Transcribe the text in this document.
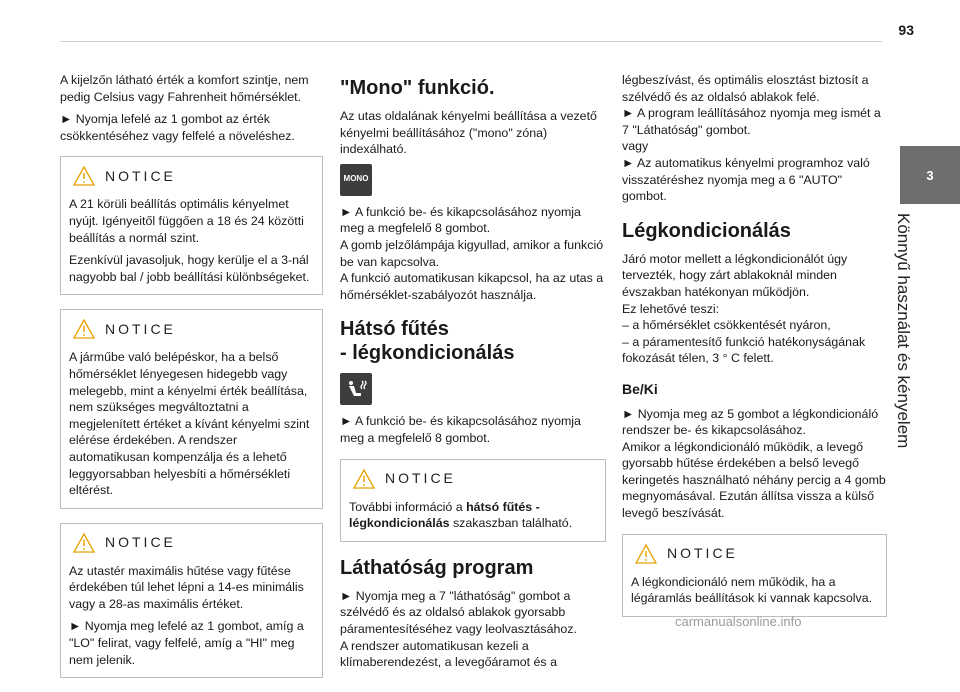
93
3
Könnyű használat és kényelem

A kijelzőn látható érték a komfort szintje, nem pedig Celsius vagy Fahrenheit hőmérséklet.

► Nyomja lefelé az 1 gombot az érték csökkentéséhez vagy felfelé a növeléshez.

NOTICE

A 21 körüli beállítás optimális kényelmet nyújt. Igényeitől függően a 18 és 24 közötti beállítás a normál szint.

Ezenkívül javasoljuk, hogy kerülje el a 3-nál nagyobb bal / jobb beállítási különbségeket.

NOTICE

A járműbe való belépéskor, ha a belső hőmérséklet lényegesen hidegebb vagy melegebb, mint a kényelmi érték beállítása, nem szükséges megváltoztatni a megjelenített értéket a kívánt kényelmi szint elérése érdekében. A rendszer automatikusan kompenzálja és a lehető leggyorsabban helyesbíti a hőmérsékleti eltérést.

NOTICE

Az utastér maximális hűtése vagy fűtése érdekében túl lehet lépni a 14-es minimális vagy a 28-as maximális értéket.

► Nyomja meg lefelé az 1 gombot, amíg a "LO" felirat, vagy felfelé, amíg a "HI" meg nem jelenik.

"Mono" funkció.

Az utas oldalának kényelmi beállítása a vezető kényelmi beállításához ("mono" zóna) indexálható.

MONO

► A funkció be- és kikapcsolásához nyomja meg a megfelelő 8 gombot.

A gomb jelzőlámpája kigyullad, amikor a funkció be van kapcsolva.

A funkció automatikusan kikapcsol, ha az utas a hőmérséklet-szabályozót használja.

Hátsó fűtés
- légkondicionálás

► A funkció be- és kikapcsolásához nyomja meg a megfelelő 8 gombot.

NOTICE

További információ a hátsó fűtés - légkondicionálás szakaszban található.

Láthatóság program

► Nyomja meg a 7 "láthatóság" gombot a szélvédő és az oldalsó ablakok gyorsabb páramentesítéséhez vagy leolvasztásához.

A rendszer automatikusan kezeli a klímaberendezést, a levegőáramot és a

légbeszívást, és optimális elosztást biztosít a szélvédő és az oldalsó ablakok felé.

► A program leállításához nyomja meg ismét a 7 "Láthatóság" gombot.

vagy

► Az automatikus kényelmi programhoz való visszatéréshez nyomja meg a 6 "AUTO" gombot.

Légkondicionálás

Járó motor mellett a légkondicionálót úgy tervezték, hogy zárt ablakoknál minden évszakban hatékonyan működjön.

Ez lehetővé teszi:

– a hőmérséklet csökkentését nyáron,

– a páramentesítő funkció hatékonyságának fokozását télen, 3 ° C felett.

Be/Ki

► Nyomja meg az 5 gombot a légkondicionáló rendszer be- és kikapcsolásához.

Amikor a légkondicionáló működik, a levegő gyorsabb hűtése érdekében a belső levegő keringetés használható néhány percig a 4 gomb megnyomásával. Ezután állítsa vissza a külső levegő beszívását.

NOTICE

A légkondicionáló nem működik, ha a légáramlás beállítások ki vannak kapcsolva.

carmanualsonline.info
